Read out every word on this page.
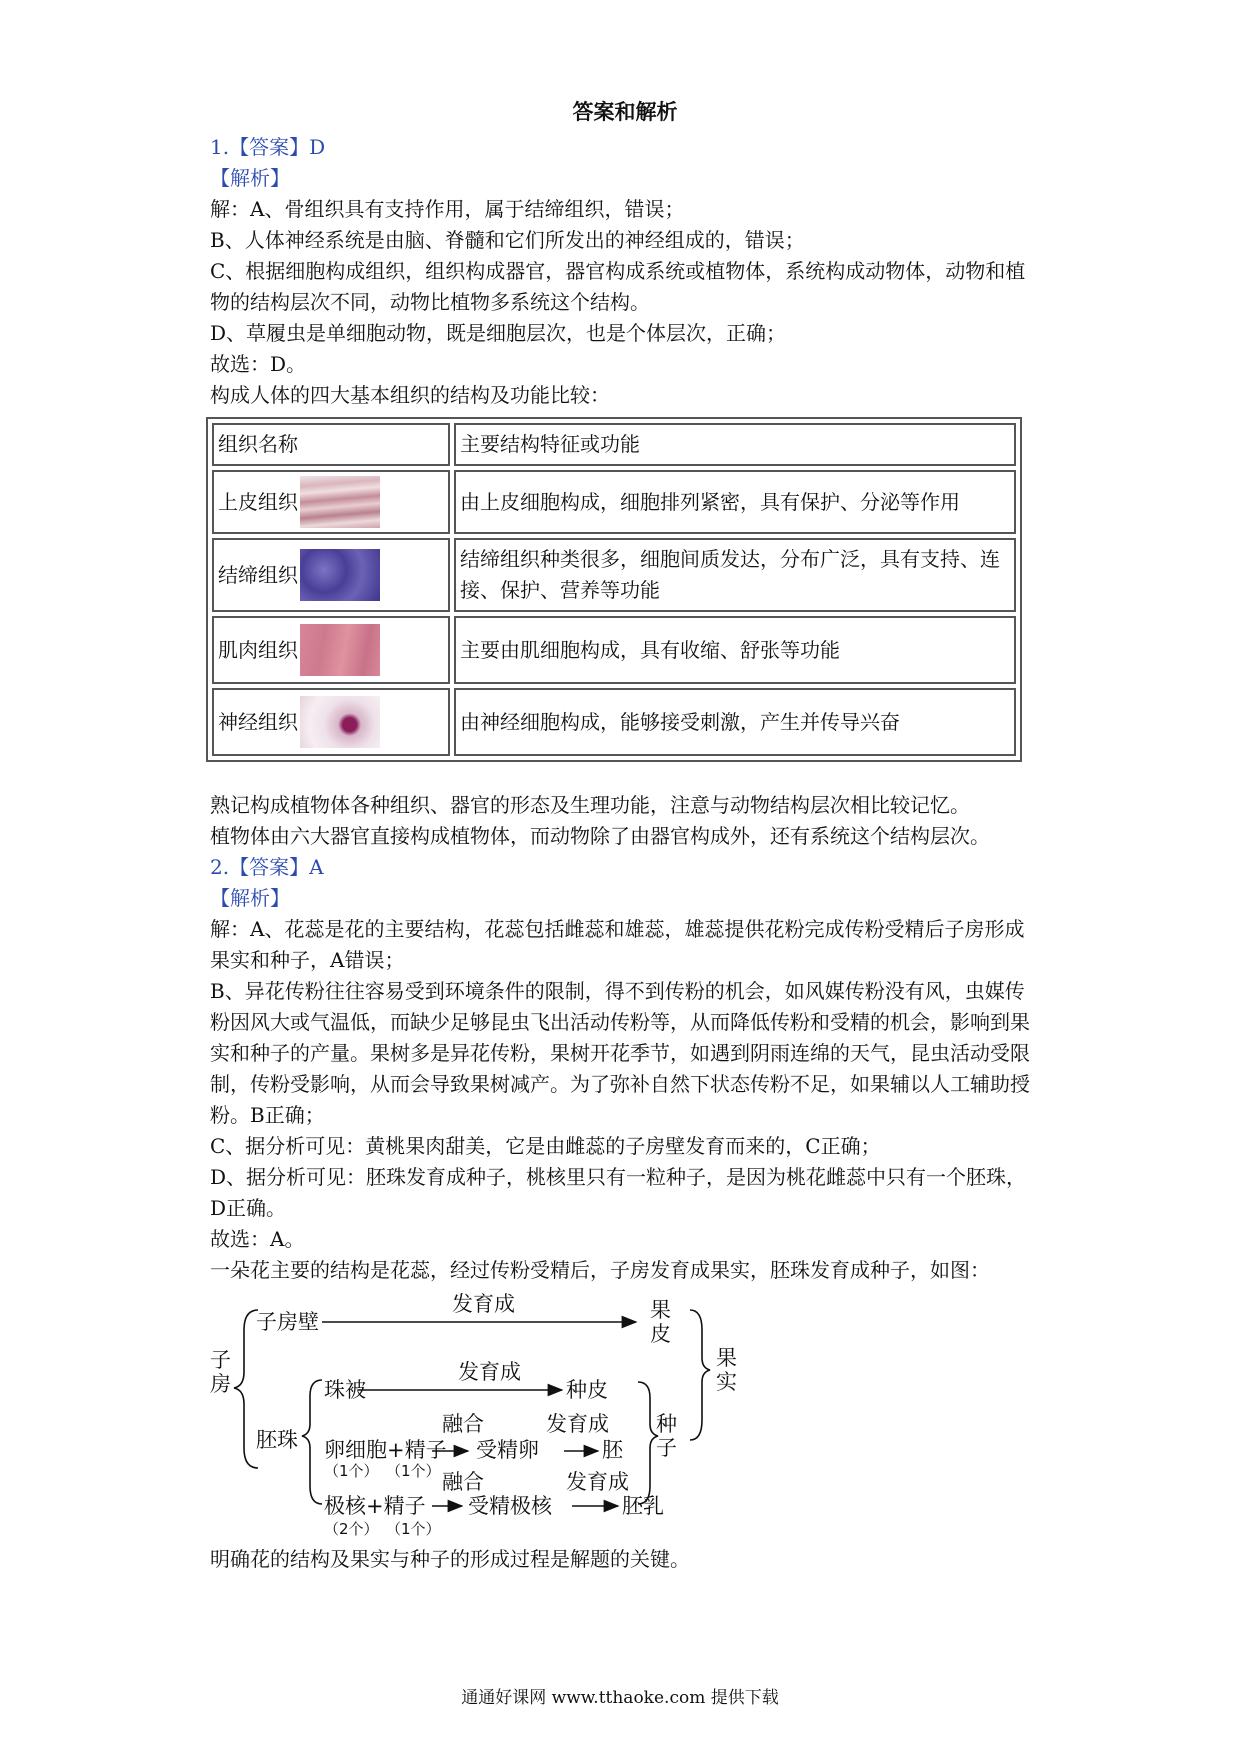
答案和解析

1.【答案】D

【解析】

解：A、骨组织具有支持作用，属于结缔组织，错误；

B、人体神经系统是由脑、脊髓和它们所发出的神经组成的，错误；

C、根据细胞构成组织，组织构成器官，器官构成系统或植物体，系统构成动物体，动物和植物的结构层次不同，动物比植物多系统这个结构。

D、草履虫是单细胞动物，既是细胞层次，也是个体层次，正确；

故选：D。

构成人体的四大基本组织的结构及功能比较：

组织名称	主要结构特征或功能
上皮组织	由上皮细胞构成，细胞排列紧密，具有保护、分泌等作用
结缔组织	结缔组织种类很多，细胞间质发达，分布广泛，具有支持、连接、保护、营养等功能
肌肉组织	主要由肌细胞构成，具有收缩、舒张等功能
神经组织	由神经细胞构成，能够接受刺激，产生并传导兴奋

熟记构成植物体各种组织、器官的形态及生理功能，注意与动物结构层次相比较记忆。

植物体由六大器官直接构成植物体，而动物除了由器官构成外，还有系统这个结构层次。

2.【答案】A

【解析】

解：A、花蕊是花的主要结构，花蕊包括雌蕊和雄蕊，雄蕊提供花粉完成传粉受精后子房形成果实和种子，A错误；

B、异花传粉往往容易受到环境条件的限制，得不到传粉的机会，如风媒传粉没有风，虫媒传粉因风大或气温低，而缺少足够昆虫飞出活动传粉等，从而降低传粉和受精的机会，影响到果实和种子的产量。果树多是异花传粉，果树开花季节，如遇到阴雨连绵的天气，昆虫活动受限制，传粉受影响，从而会导致果树减产。为了弥补自然下状态传粉不足，如果辅以人工辅助授粉。B正确；

C、据分析可见：黄桃果肉甜美，它是由雌蕊的子房壁发育而来的，C正确；

D、据分析可见：胚珠发育成种子，桃核里只有一粒种子，是因为桃花雌蕊中只有一个胚珠，D正确。

故选：A。

一朵花主要的结构是花蕊，经过传粉受精后，子房发育成果实，胚珠发育成种子，如图：

子房
子房壁
发育成	果皮
果实
胚珠
珠被
发育成
种皮
卵细胞+精子
融合
受精卵
发育成
胚
（1个） （1个）
种子
极核+精子
融合
受精极核
发育成
胚乳
（2个） （1个）

明确花的结构及果实与种子的形成过程是解题的关键。

通通好课网 www.tthaoke.com 提供下载
